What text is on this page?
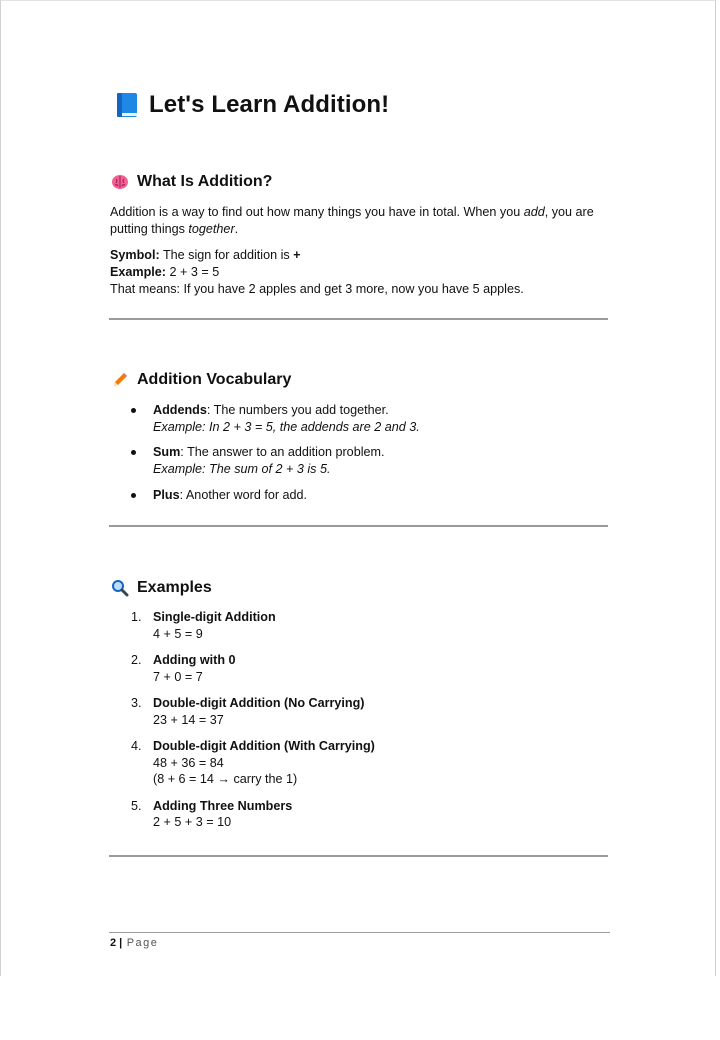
Let's Learn Addition!
What Is Addition?
Addition is a way to find out how many things you have in total. When you add, you are putting things together.
Symbol: The sign for addition is +
Example: 2 + 3 = 5
That means: If you have 2 apples and get 3 more, now you have 5 apples.
Addition Vocabulary
Addends: The numbers you add together.
Example: In 2 + 3 = 5, the addends are 2 and 3.
Sum: The answer to an addition problem.
Example: The sum of 2 + 3 is 5.
Plus: Another word for add.
Examples
1. Single-digit Addition
4 + 5 = 9
2. Adding with 0
7 + 0 = 7
3. Double-digit Addition (No Carrying)
23 + 14 = 37
4. Double-digit Addition (With Carrying)
48 + 36 = 84
(8 + 6 = 14 → carry the 1)
5. Adding Three Numbers
2 + 5 + 3 = 10
2 | Page
